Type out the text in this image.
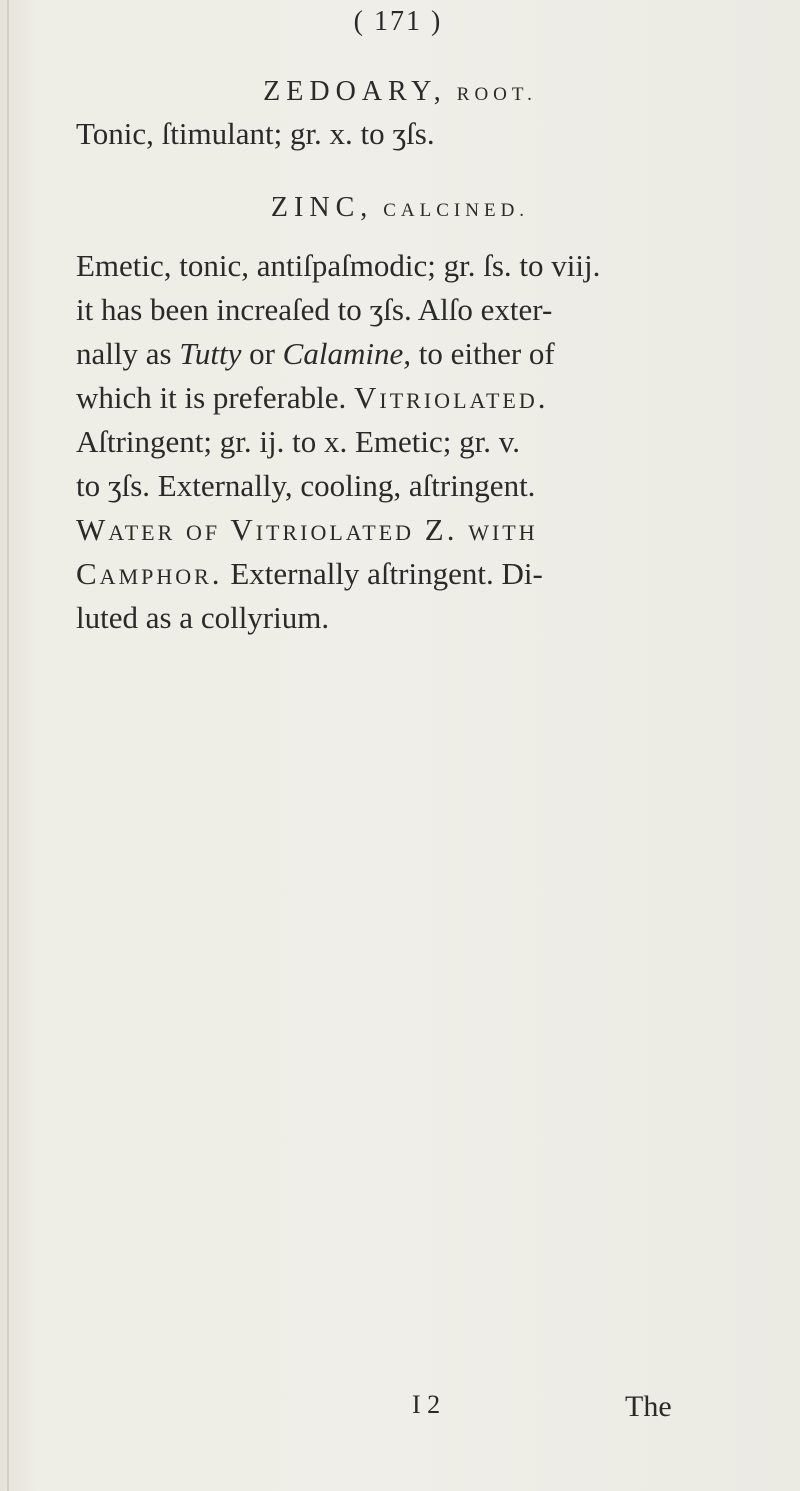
( 171 )
ZEDOARY, ROOT.
Tonic, ſtimulant; gr. x. to ʒſs.
ZINC, CALCINED.
Emetic, tonic, antiſpaſmodic; gr. ſs. to viij.
it has been increaſed to ʒſs. Alſo exter-
nally as Tutty or Calamine, to either of
which it is preferable. Vitriolated.
Aſtringent; gr. ij. to x. Emetic; gr. v.
to ʒſs. Externally, cooling, aſtringent.
Water of Vitriolated Z. with
Camphor. Externally aſtringent. Di-
luted as a collyrium.
I 2	The
